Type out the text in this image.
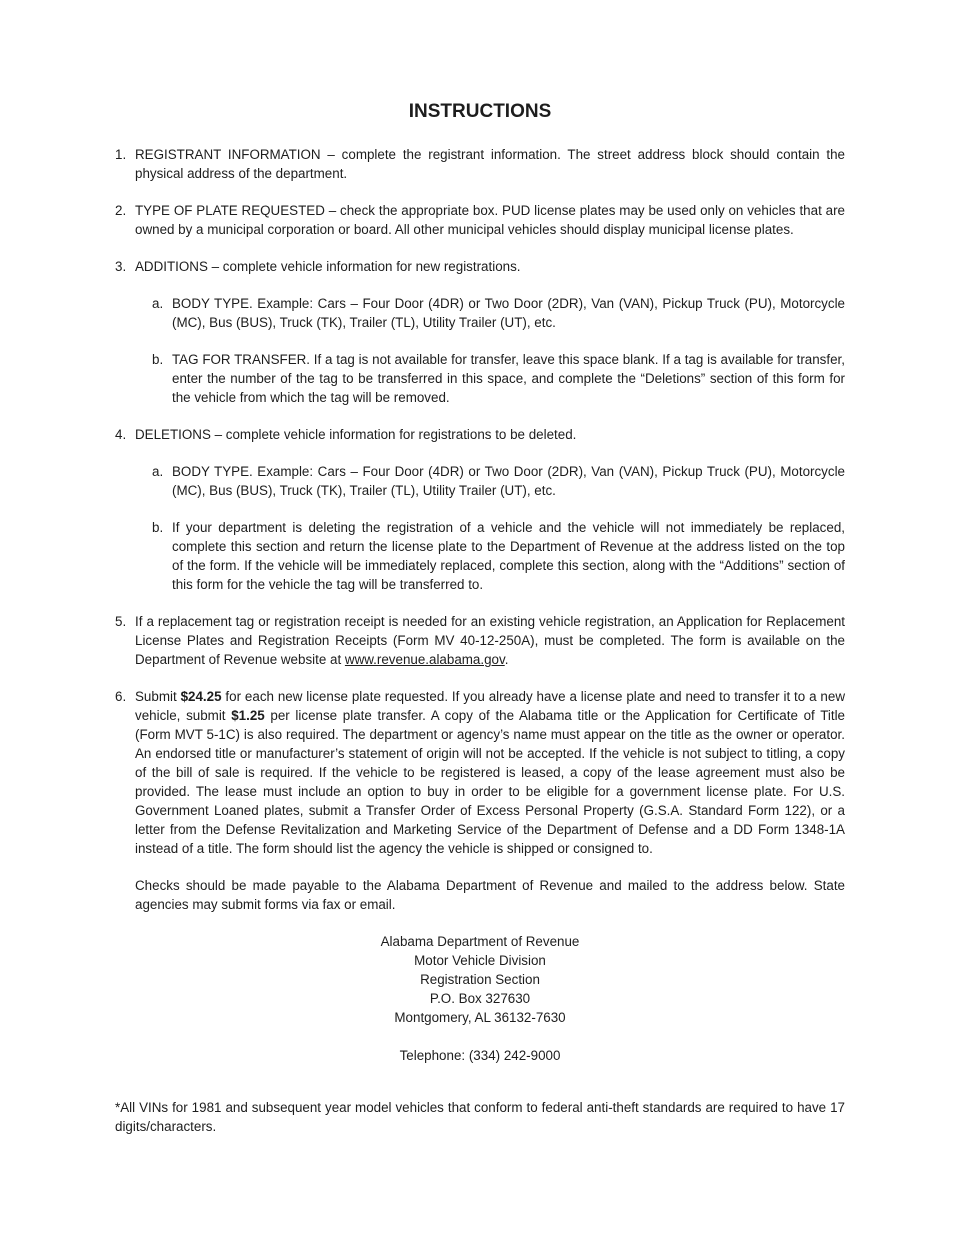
INSTRUCTIONS
1. REGISTRANT INFORMATION – complete the registrant information. The street address block should contain the physical address of the department.
2. TYPE OF PLATE REQUESTED – check the appropriate box. PUD license plates may be used only on vehicles that are owned by a municipal corporation or board. All other municipal vehicles should display municipal license plates.
3. ADDITIONS – complete vehicle information for new registrations.
a. BODY TYPE. Example: Cars – Four Door (4DR) or Two Door (2DR), Van (VAN), Pickup Truck (PU), Motorcycle (MC), Bus (BUS), Truck (TK), Trailer (TL), Utility Trailer (UT), etc.
b. TAG FOR TRANSFER. If a tag is not available for transfer, leave this space blank. If a tag is available for transfer, enter the number of the tag to be transferred in this space, and complete the “Deletions” section of this form for the vehicle from which the tag will be removed.
4. DELETIONS – complete vehicle information for registrations to be deleted.
a. BODY TYPE. Example: Cars – Four Door (4DR) or Two Door (2DR), Van (VAN), Pickup Truck (PU), Motorcycle (MC), Bus (BUS), Truck (TK), Trailer (TL), Utility Trailer (UT), etc.
b. If your department is deleting the registration of a vehicle and the vehicle will not immediately be replaced, complete this section and return the license plate to the Department of Revenue at the address listed on the top of the form. If the vehicle will be immediately replaced, complete this section, along with the “Additions” section of this form for the vehicle the tag will be transferred to.
5. If a replacement tag or registration receipt is needed for an existing vehicle registration, an Application for Replacement License Plates and Registration Receipts (Form MV 40-12-250A), must be completed. The form is available on the Department of Revenue website at www.revenue.alabama.gov.
6. Submit $24.25 for each new license plate requested. If you already have a license plate and need to transfer it to a new vehicle, submit $1.25 per license plate transfer. A copy of the Alabama title or the Application for Certificate of Title (Form MVT 5-1C) is also required. The department or agency’s name must appear on the title as the owner or operator. An endorsed title or manufacturer’s statement of origin will not be accepted. If the vehicle is not subject to titling, a copy of the bill of sale is required. If the vehicle to be registered is leased, a copy of the lease agreement must also be provided. The lease must include an option to buy in order to be eligible for a government license plate. For U.S. Government Loaned plates, submit a Transfer Order of Excess Personal Property (G.S.A. Standard Form 122), or a letter from the Defense Revitalization and Marketing Service of the Department of Defense and a DD Form 1348-1A instead of a title. The form should list the agency the vehicle is shipped or consigned to.
Checks should be made payable to the Alabama Department of Revenue and mailed to the address below. State agencies may submit forms via fax or email.
Alabama Department of Revenue
Motor Vehicle Division
Registration Section
P.O. Box 327630
Montgomery, AL 36132-7630
Telephone: (334) 242-9000
*All VINs for 1981 and subsequent year model vehicles that conform to federal anti-theft standards are required to have 17 digits/characters.
